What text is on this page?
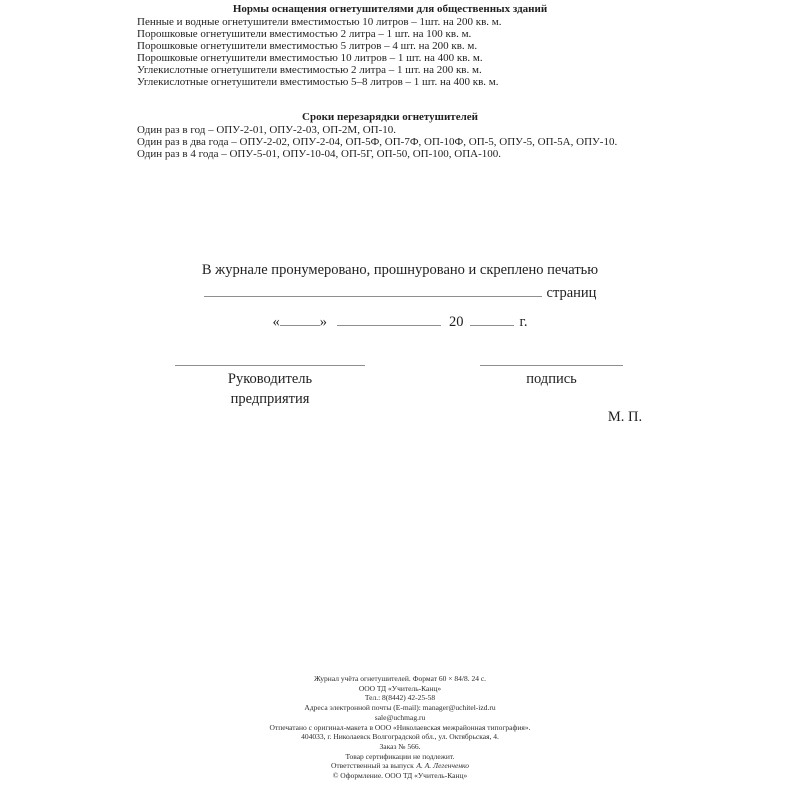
Нормы оснащения огнетушителями для общественных зданий
Пенные и водные огнетушители вместимостью 10 литров – 1шт. на 200 кв. м.
Порошковые огнетушители вместимостью 2 литра – 1 шт. на 100 кв. м.
Порошковые огнетушители вместимостью 5 литров – 4 шт. на 200 кв. м.
Порошковые огнетушители вместимостью 10 литров – 1 шт. на 400 кв. м.
Углекислотные огнетушители вместимостью 2 литра – 1 шт. на 200 кв. м.
Углекислотные огнетушители вместимостью 5–8 литров – 1 шт. на 400 кв. м.
Сроки перезарядки огнетушителей
Один раз в год – ОПУ-2-01, ОПУ-2-03, ОП-2М, ОП-10.
Один раз в два года – ОПУ-2-02, ОПУ-2-04, ОП-5Ф, ОП-7Ф, ОП-10Ф, ОП-5, ОПУ-5, ОП-5А, ОПУ-10.
Один раз в 4 года – ОПУ-5-01, ОПУ-10-04, ОП-5Г, ОП-50, ОП-100, ОПА-100.
В журнале пронумеровано, прошнуровано и скреплено печатью
страниц
«	»	20	г.
Руководитель
предприятия
подпись
М. П.
Журнал учёта огнетушителей. Формат 60 × 84/8. 24 с.
ООО ТД «Учитель-Канц»
Тел.: 8(8442) 42-25-58
Адреса электронной почты (E-mail): manager@uchitel-izd.ru
sale@uchmag.ru
Отпечатано с оригинал-макета в ООО «Николаевская межрайонная типография».
404033, г. Николаевск Волгоградской обл., ул. Октябрьская, 4.
Заказ № 566.
Товар сертификации не подлежит.
Ответственный за выпуск А. А. Легенченко
© Оформление. ООО ТД «Учитель-Канц»
